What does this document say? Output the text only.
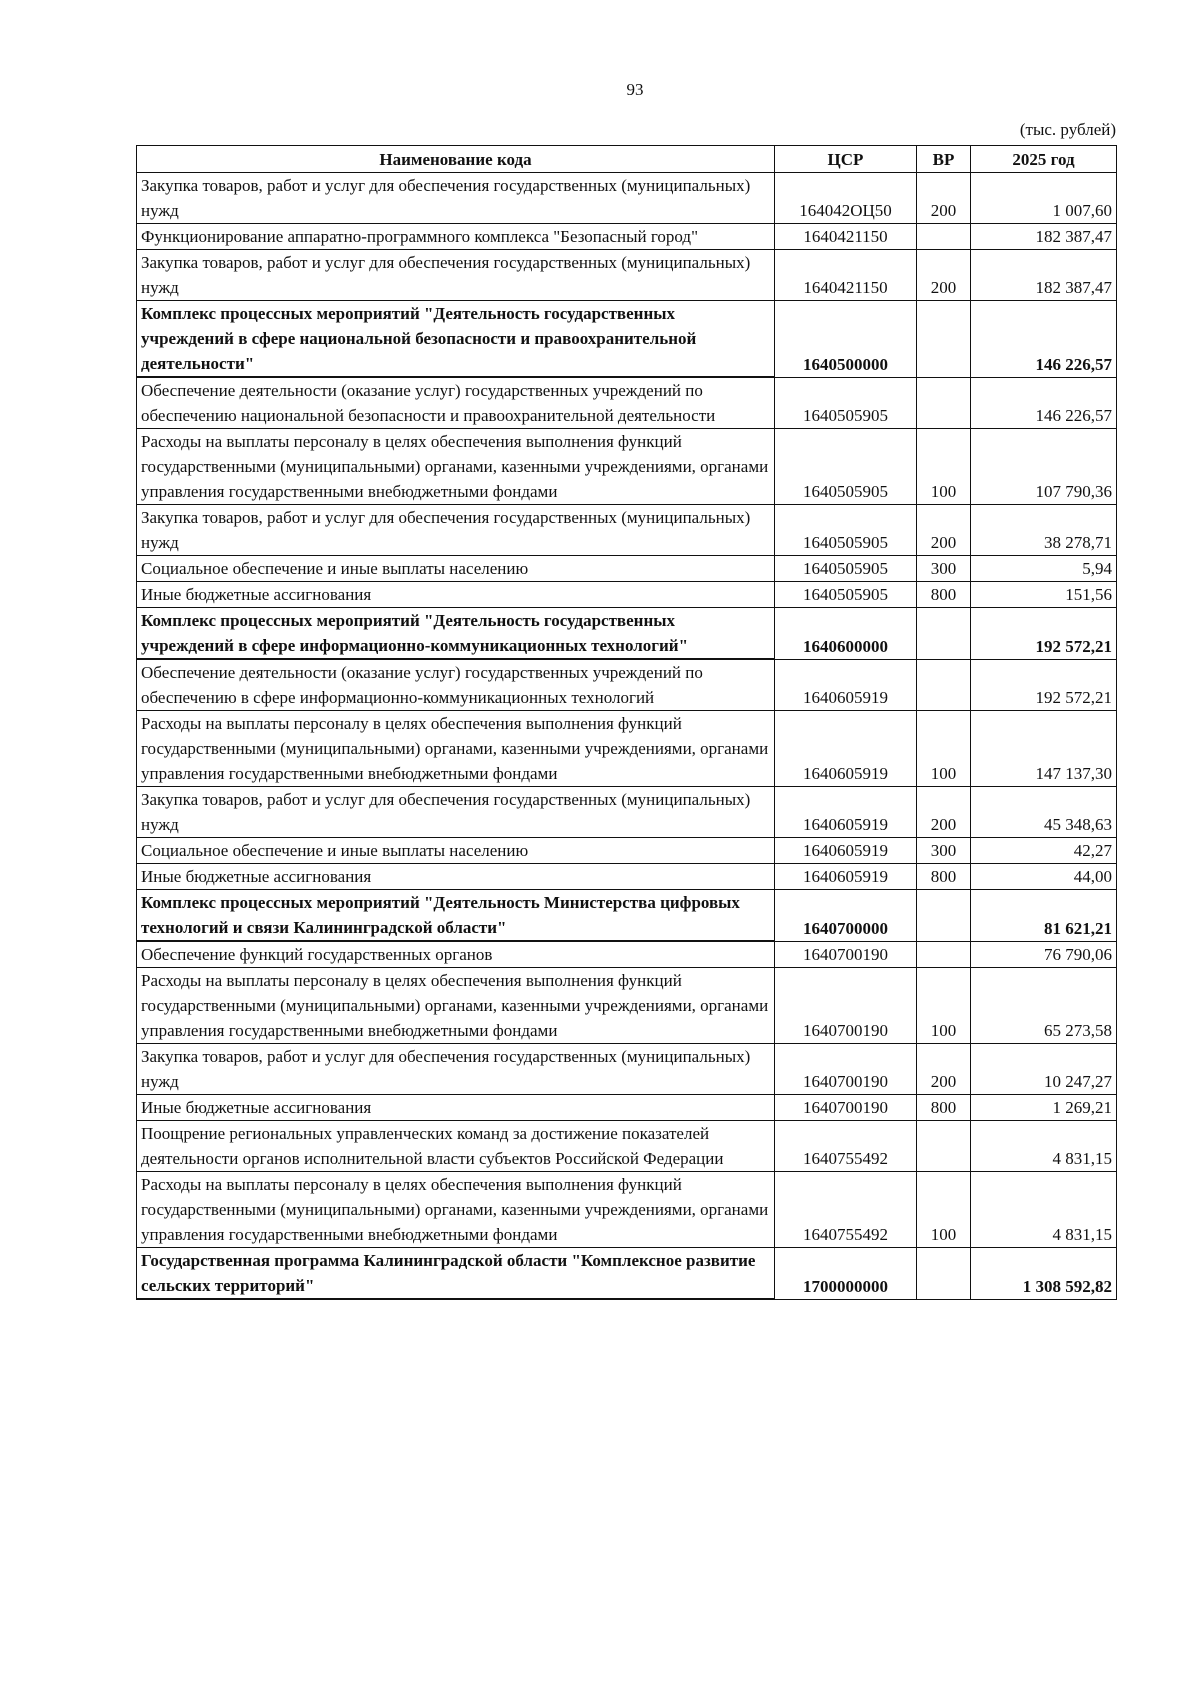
93
(тыс. рублей)
Наименование кода	ЦСР	ВР	2025 год
Закупка товаров, работ и услуг для обеспечения государственных (муниципальных) нужд	164042OЦ50	200	1 007,60
Функционирование аппаратно-программного комплекса "Безопасный город"	1640421150		182 387,47
Закупка товаров, работ и услуг для обеспечения государственных (муниципальных) нужд	1640421150	200	182 387,47
Комплекс процессных мероприятий "Деятельность государственных учреждений в сфере национальной безопасности и правоохранительной деятельности"	1640500000		146 226,57
Обеспечение деятельности (оказание услуг) государственных учреждений по обеспечению национальной безопасности и правоохранительной деятельности	1640505905		146 226,57
Расходы на выплаты персоналу в целях обеспечения выполнения функций государственными (муниципальными) органами, казенными учреждениями, органами управления государственными внебюджетными фондами	1640505905	100	107 790,36
Закупка товаров, работ и услуг для обеспечения государственных (муниципальных) нужд	1640505905	200	38 278,71
Социальное обеспечение и иные выплаты населению	1640505905	300	5,94
Иные бюджетные ассигнования	1640505905	800	151,56
Комплекс процессных мероприятий "Деятельность государственных учреждений в сфере информационно-коммуникационных технологий"	1640600000		192 572,21
Обеспечение деятельности (оказание услуг) государственных учреждений по обеспечению в сфере информационно-коммуникационных технологий	1640605919		192 572,21
Расходы на выплаты персоналу в целях обеспечения выполнения функций государственными (муниципальными) органами, казенными учреждениями, органами управления государственными внебюджетными фондами	1640605919	100	147 137,30
Закупка товаров, работ и услуг для обеспечения государственных (муниципальных) нужд	1640605919	200	45 348,63
Социальное обеспечение и иные выплаты населению	1640605919	300	42,27
Иные бюджетные ассигнования	1640605919	800	44,00
Комплекс процессных мероприятий "Деятельность Министерства цифровых технологий и связи Калининградской области"	1640700000		81 621,21
Обеспечение функций государственных органов	1640700190		76 790,06
Расходы на выплаты персоналу в целях обеспечения выполнения функций государственными (муниципальными) органами, казенными учреждениями, органами управления государственными внебюджетными фондами	1640700190	100	65 273,58
Закупка товаров, работ и услуг для обеспечения государственных (муниципальных) нужд	1640700190	200	10 247,27
Иные бюджетные ассигнования	1640700190	800	1 269,21
Поощрение региональных управленческих команд за достижение показателей деятельности органов исполнительной власти субъектов Российской Федерации	1640755492		4 831,15
Расходы на выплаты персоналу в целях обеспечения выполнения функций государственными (муниципальными) органами, казенными учреждениями, органами управления государственными внебюджетными фондами	1640755492	100	4 831,15
Государственная программа Калининградской области "Комплексное развитие сельских территорий"	1700000000		1 308 592,82
